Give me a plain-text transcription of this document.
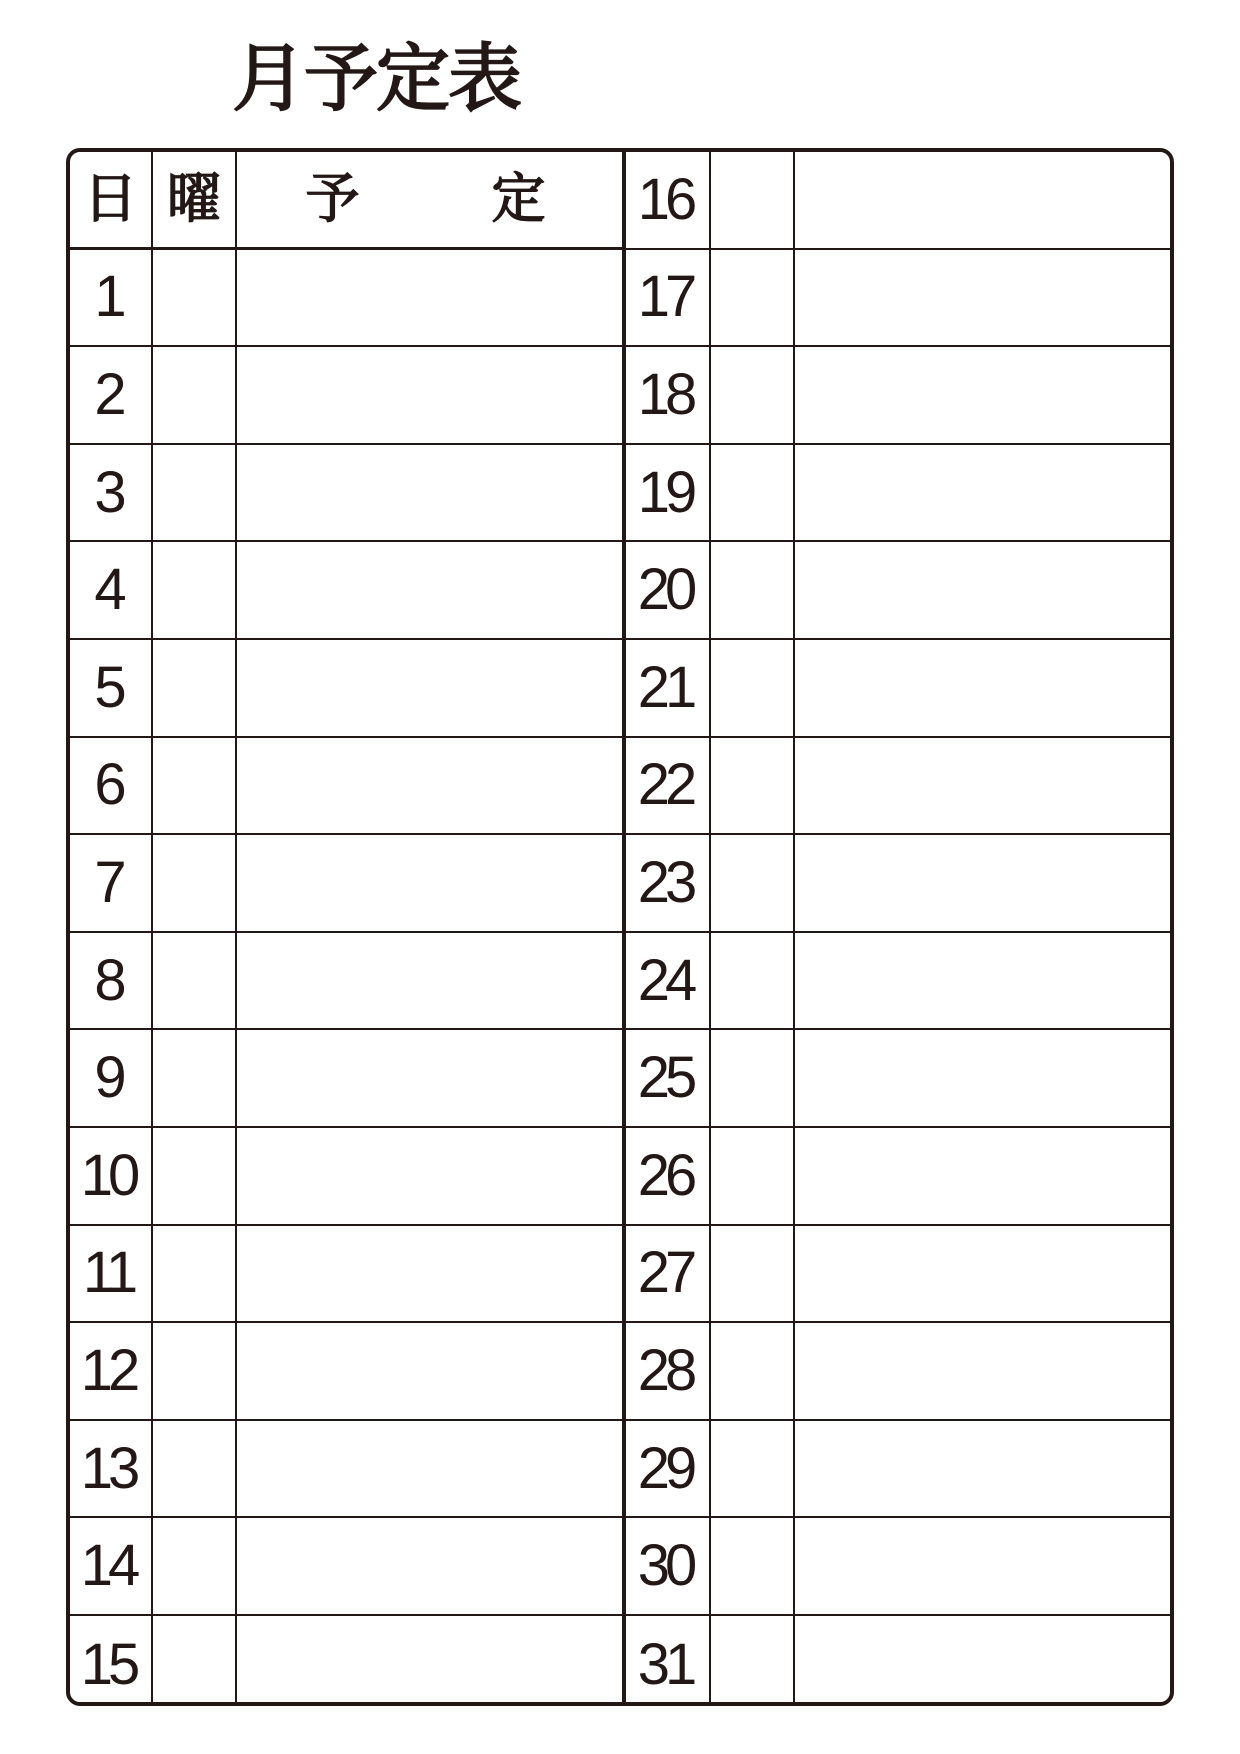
月予定表
日 曜 予　　定
1
2
3
4
5
6
7
8
9
10
11
12
13
14
15
16
17
18
19
20
21
22
23
24
25
26
27
28
29
30
31
